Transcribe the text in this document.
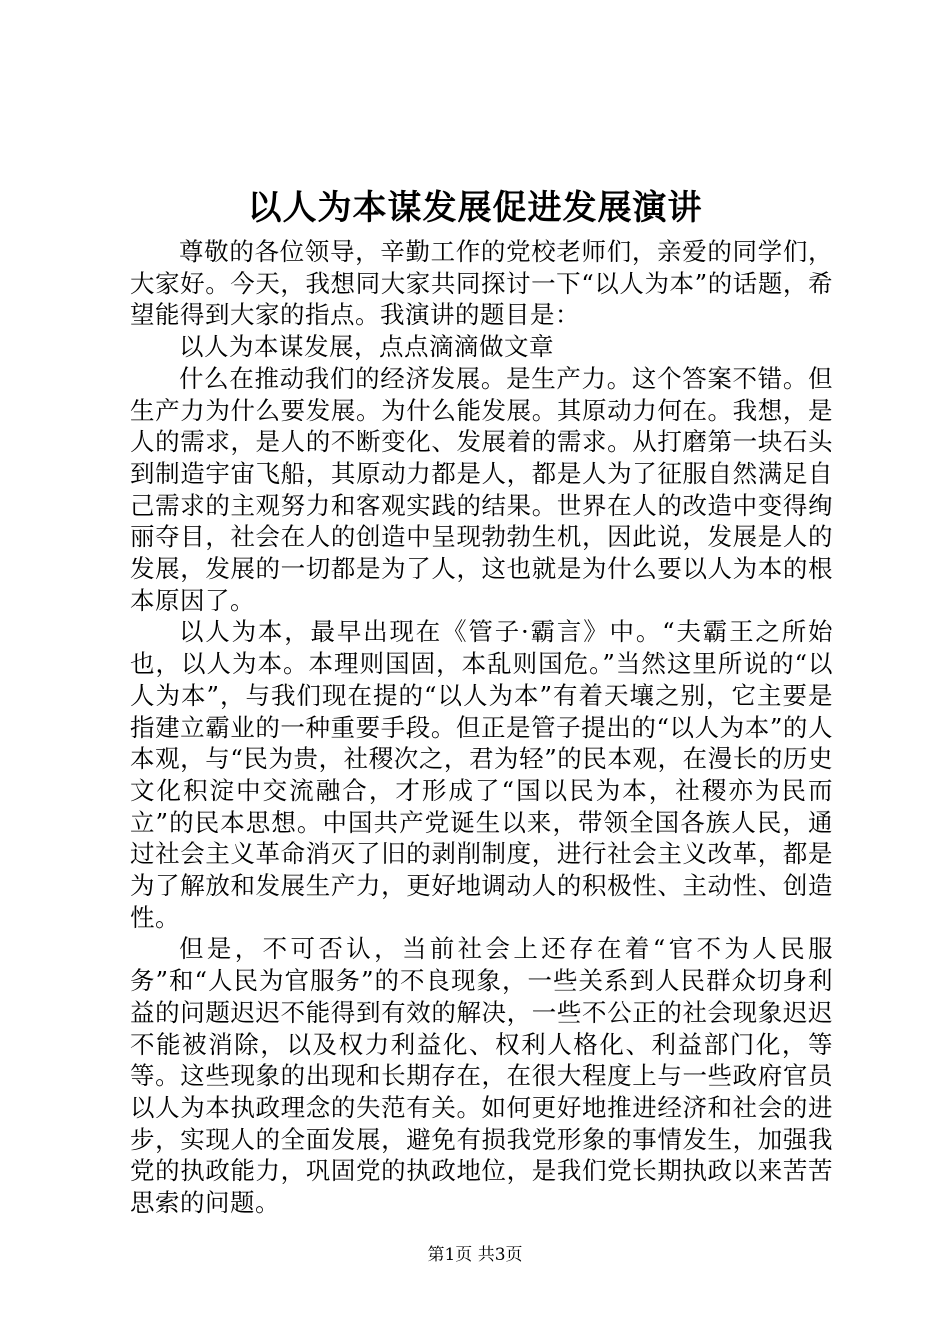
以人为本谋发展促进发展演讲

尊敬的各位领导，辛勤工作的党校老师们，亲爱的同学们，大家好。今天，我想同大家共同探讨一下“以人为本”的话题，希望能得到大家的指点。我演讲的题目是：

以人为本谋发展，点点滴滴做文章

什么在推动我们的经济发展。是生产力。这个答案不错。但生产力为什么要发展。为什么能发展。其原动力何在。我想，是人的需求，是人的不断变化、发展着的需求。从打磨第一块石头到制造宇宙飞船，其原动力都是人，都是人为了征服自然满足自己需求的主观努力和客观实践的结果。世界在人的改造中变得绚丽夺目，社会在人的创造中呈现勃勃生机，因此说，发展是人的发展，发展的一切都是为了人，这也就是为什么要以人为本的根本原因了。

以人为本，最早出现在《管子·霸言》中。“夫霸王之所始也，以人为本。本理则国固，本乱则国危。”当然这里所说的“以人为本”，与我们现在提的“以人为本”有着天壤之别，它主要是指建立霸业的一种重要手段。但正是管子提出的“以人为本”的人本观，与“民为贵，社稷次之，君为轻”的民本观，在漫长的历史文化积淀中交流融合，才形成了“国以民为本，社稷亦为民而立”的民本思想。中国共产党诞生以来，带领全国各族人民，通过社会主义革命消灭了旧的剥削制度，进行社会主义改革，都是为了解放和发展生产力，更好地调动人的积极性、主动性、创造性。

但是，不可否认，当前社会上还存在着“官不为人民服务”和“人民为官服务”的不良现象，一些关系到人民群众切身利益的问题迟迟不能得到有效的解决，一些不公正的社会现象迟迟不能被消除，以及权力利益化、权利人格化、利益部门化，等等。这些现象的出现和长期存在，在很大程度上与一些政府官员以人为本执政理念的失范有关。如何更好地推进经济和社会的进步，实现人的全面发展，避免有损我党形象的事情发生，加强我党的执政能力，巩固党的执政地位，是我们党长期执政以来苦苦思索的问题。

第1页 共3页
